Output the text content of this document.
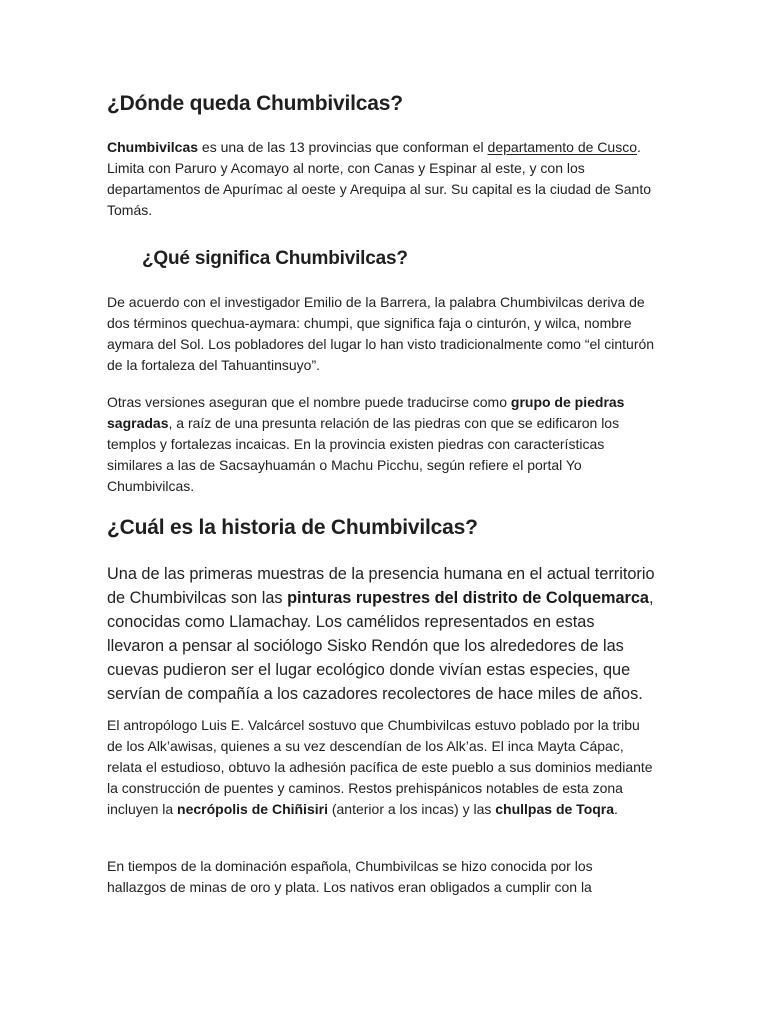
¿Dónde queda Chumbivilcas?

Chumbivilcas es una de las 13 provincias que conforman el departamento de Cusco. Limita con Paruro y Acomayo al norte, con Canas y Espinar al este, y con los departamentos de Apurímac al oeste y Arequipa al sur. Su capital es la ciudad de Santo Tomás.

¿Qué significa Chumbivilcas?

De acuerdo con el investigador Emilio de la Barrera, la palabra Chumbivilcas deriva de dos términos quechua-aymara: chumpi, que significa faja o cinturón, y wilca, nombre aymara del Sol. Los pobladores del lugar lo han visto tradicionalmente como “el cinturón de la fortaleza del Tahuantinsuyo”.

Otras versiones aseguran que el nombre puede traducirse como grupo de piedras sagradas, a raíz de una presunta relación de las piedras con que se edificaron los templos y fortalezas incaicas. En la provincia existen piedras con características similares a las de Sacsayhuamán o Machu Picchu, según refiere el portal Yo Chumbivilcas.

¿Cuál es la historia de Chumbivilcas?

Una de las primeras muestras de la presencia humana en el actual territorio de Chumbivilcas son las pinturas rupestres del distrito de Colquemarca, conocidas como Llamachay. Los camélidos representados en estas llevaron a pensar al sociólogo Sisko Rendón que los alrededores de las cuevas pudieron ser el lugar ecológico donde vivían estas especies, que servían de compañía a los cazadores recolectores de hace miles de años.

El antropólogo Luis E. Valcárcel sostuvo que Chumbivilcas estuvo poblado por la tribu de los Alk’awisas, quienes a su vez descendían de los Alk’as. El inca Mayta Cápac, relata el estudioso, obtuvo la adhesión pacífica de este pueblo a sus dominios mediante la construcción de puentes y caminos. Restos prehispánicos notables de esta zona incluyen la necrópolis de Chiñisiri (anterior a los incas) y las chullpas de Toqra.

En tiempos de la dominación española, Chumbivilcas se hizo conocida por los hallazgos de minas de oro y plata. Los nativos eran obligados a cumplir con la
